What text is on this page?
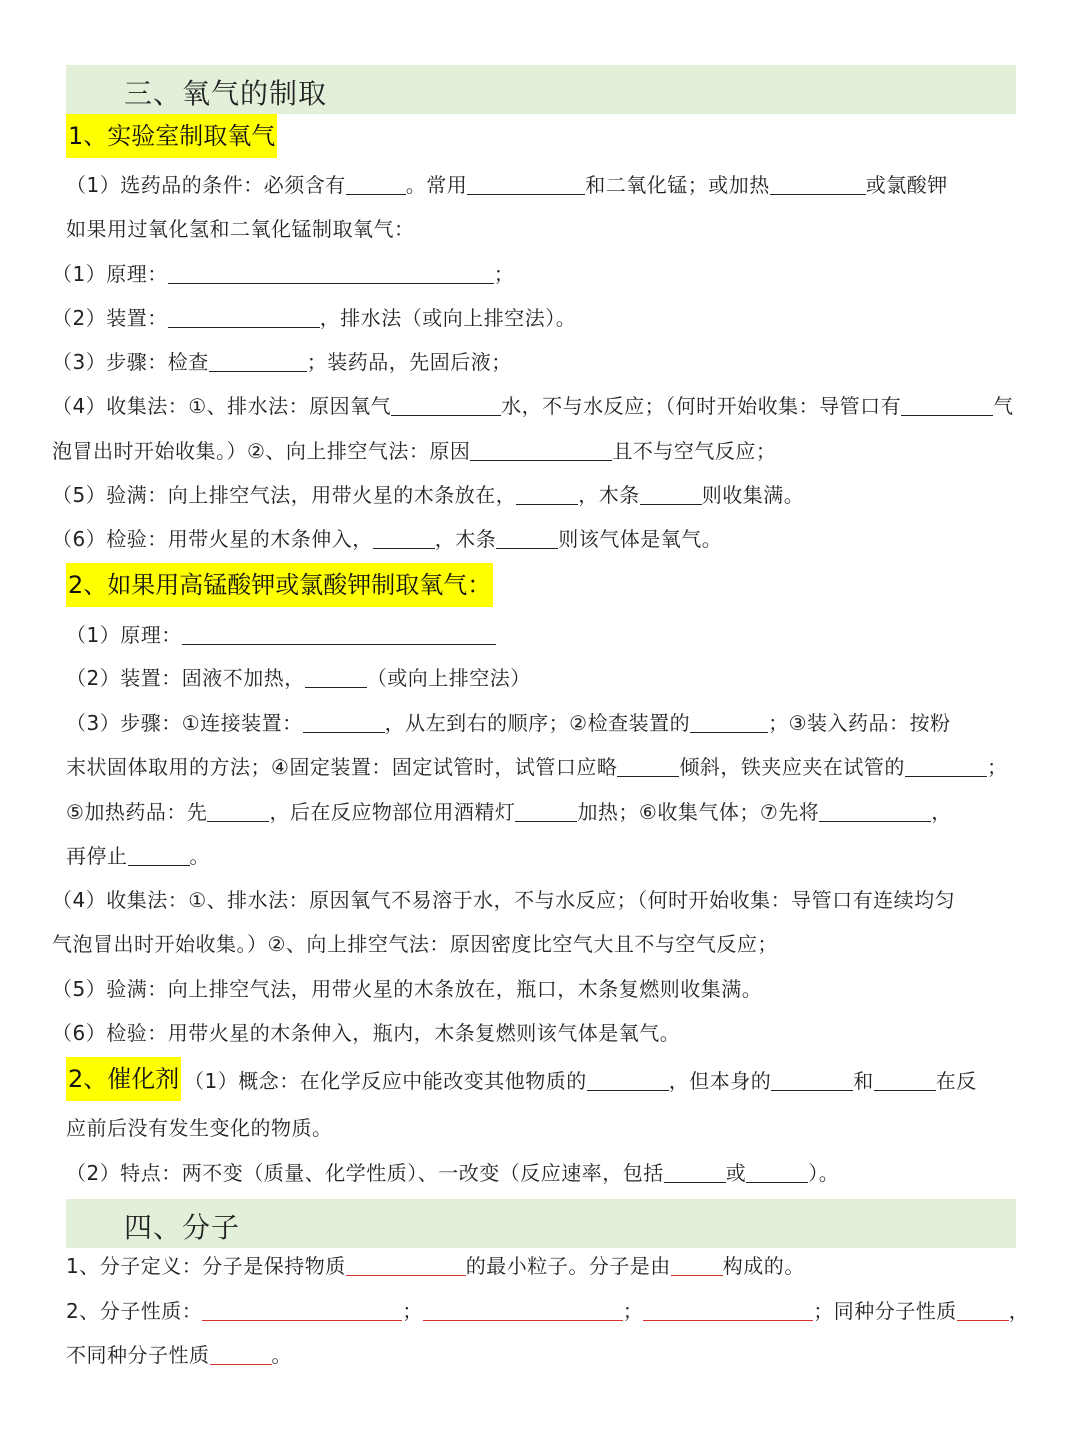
三、氧气的制取
1、实验室制取氧气
（1）选药品的条件：必须含有	。常用	和二氧化锰；或加热	或氯酸钾
如果用过氧化氢和二氧化锰制取氧气：
（1）原理：	；
（2）装置：	，排水法（或向上排空法）。
（3）步骤：检查	；装药品，先固后液；
（4）收集法：①、排水法：原因氧气	水，不与水反应；（何时开始收集：导管口有	气
泡冒出时开始收集。）②、向上排空气法：原因	且不与空气反应；
（5）验满：向上排空气法，用带火星的木条放在，	，木条	则收集满。
（6）检验：用带火星的木条伸入，	，木条	则该气体是氧气。
2、如果用高锰酸钾或氯酸钾制取氧气：
（1）原理：
（2）装置：固液不加热，	（或向上排空法）
（3）步骤：①连接装置：	，从左到右的顺序；②检查装置的	；③装入药品：按粉
末状固体取用的方法；④固定装置：固定试管时，试管口应略	倾斜，铁夹应夹在试管的	；
⑤加热药品：先	，后在反应物部位用酒精灯	加热；⑥收集气体；⑦先将	，
再停止	。
（4）收集法：①、排水法：原因氧气不易溶于水，不与水反应；（何时开始收集：导管口有连续均匀
气泡冒出时开始收集。）②、向上排空气法：原因密度比空气大且不与空气反应；
（5）验满：向上排空气法，用带火星的木条放在，瓶口，木条复燃则收集满。
（6）检验：用带火星的木条伸入，瓶内，木条复燃则该气体是氧气。
2、催化剂 （1）概念：在化学反应中能改变其他物质的	，但本身的	和	在反
应前后没有发生变化的物质。
（2）特点：两不变（质量、化学性质）、一改变（反应速率，包括	或	）。
四、分子
1、分子定义：分子是保持物质	的最小粒子。分子是由	构成的。
2、分子性质：	；	；	；同种分子性质	，
不同种分子性质	。
